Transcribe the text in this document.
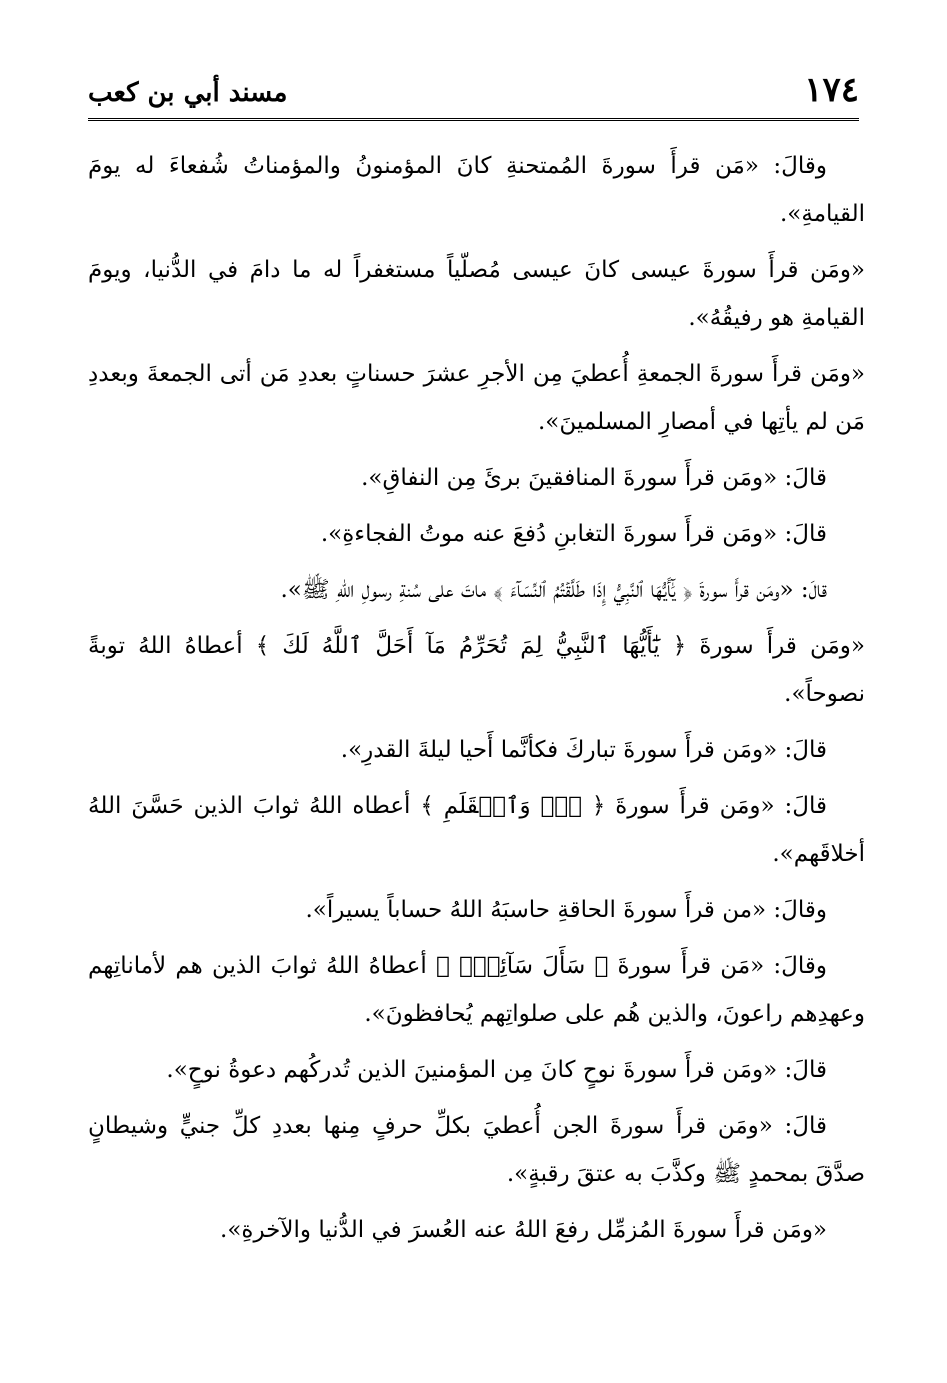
١٧٤
مسند أبي بن كعب

وقالَ: «مَن قرأَ سورةَ المُمتحنةِ كانَ المؤمنونُ والمؤمناتُ شُفعاءَ له يومَ القيامةِ».

«ومَن قرأَ سورةَ عيسى كانَ عيسى مُصلّياً مستغفراً له ما دامَ في الدُّنيا، ويومَ القيامةِ هو رفيقُهُ».

«ومَن قرأَ سورةَ الجمعةِ أُعطيَ مِن الأجرِ عشرَ حسناتٍ بعددِ مَن أتى الجمعةَ وبعددِ مَن لم يأتِها في أمصارِ المسلمينَ».

قالَ: «ومَن قرأَ سورةَ المنافقينَ برئَ مِن النفاقِ».

قالَ: «ومَن قرأَ سورةَ التغابنِ دُفعَ عنه موتُ الفجاءةِ».

قالَ: «ومَن قرأَ سورةَ ﴿ يَٰٓأَيُّهَا ٱلنَّبِيُّ إِذَا طَلَّقۡتُمُ ٱلنِّسَآءَ ﴾ ماتَ على سُنةِ رسولِ اللهِ ﷺ».

«ومَن قرأَ سورةَ ﴿ يَٰٓأَيُّهَا ٱلنَّبِيُّ لِمَ تُحَرِّمُ مَآ أَحَلَّ ٱللَّهُ لَكَ ﴾ أعطاهُ اللهُ توبةً نصوحاً».

قالَ: «ومَن قرأَ سورةَ تباركَ فكأنَّما أَحيا ليلةَ القدرِ».

قالَ: «ومَن قرأَ سورةَ ﴿ نٓۚ وَٱلۡقَلَمِ ﴾ أعطاه اللهُ ثوابَ الذين حَسَّنَ اللهُ أخلاقَهم».

وقالَ: «من قرأَ سورةَ الحاقةِ حاسبَهُ اللهُ حساباً يسيراً».

وقالَ: «مَن قرأَ سورةَ ﴿ سَأَلَ سَآئِلُۢ ﴾ أعطاهُ اللهُ ثوابَ الذين هم لأماناتِهم وعهدِهم راعونَ، والذين هُم على صلواتِهم يُحافظونَ».

قالَ: «ومَن قرأَ سورةَ نوحٍ كانَ مِن المؤمنينَ الذين تُدركُهم دعوةُ نوحٍ».

قالَ: «ومَن قرأَ سورةَ الجن أُعطيَ بكلِّ حرفٍ مِنها بعددِ كلِّ جنيٍّ وشيطانٍ صدَّقَ بمحمدٍ ﷺ وكذَّبَ به عتقَ رقبةٍ».

«ومَن قرأَ سورةَ المُزمِّل رفعَ اللهُ عنه العُسرَ في الدُّنيا والآخرةِ».
